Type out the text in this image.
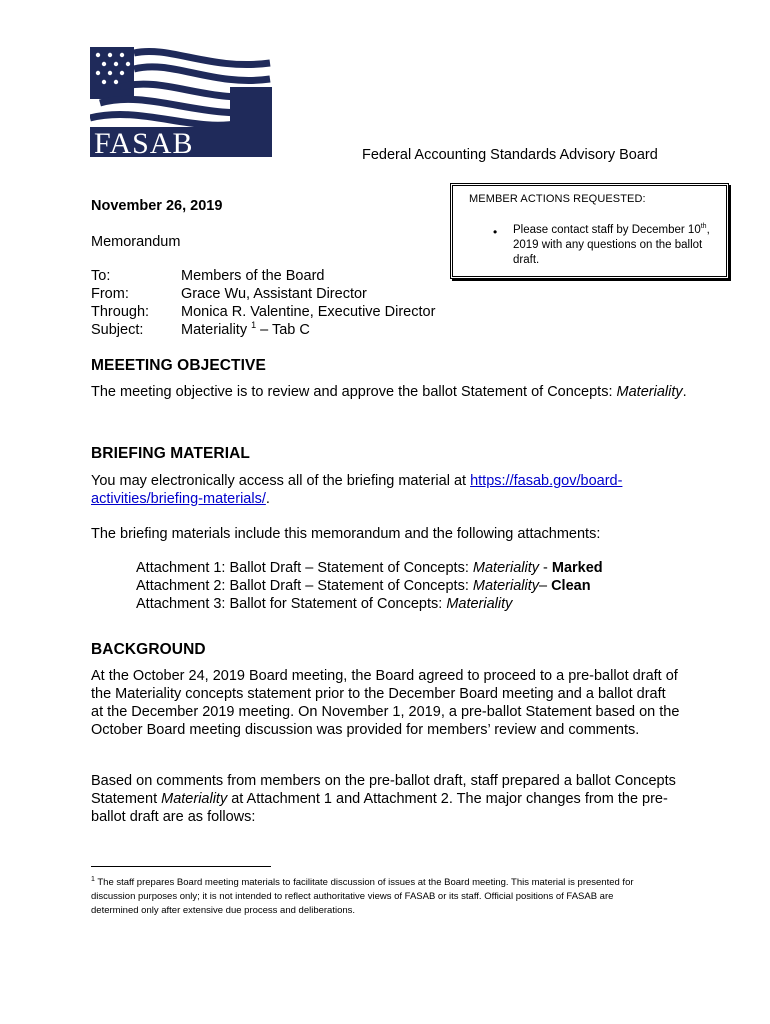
FASAB	Federal Accounting Standards Advisory Board
MEMBER ACTIONS REQUESTED:
• Please contact staff by December 10th, 2019 with any questions on the ballot draft.
November 26, 2019
Memorandum
To:	Members of the Board
From:	Grace Wu, Assistant Director
Through: Monica R. Valentine, Executive Director
Subject:	Materiality $^1$ – Tab C
MEEETING OBJECTIVE
The meeting objective is to review and approve the ballot Statement of Concepts: Materiality.
BRIEFING MATERIAL
You may electronically access all of the briefing material at https://fasab.gov/board-activities/briefing-materials/.
The briefing materials include this memorandum and the following attachments:
Attachment 1: Ballot Draft – Statement of Concepts: Materiality - Marked
Attachment 2: Ballot Draft – Statement of Concepts: Materiality– Clean
Attachment 3: Ballot for Statement of Concepts: Materiality
BACKGROUND
At the October 24, 2019 Board meeting, the Board agreed to proceed to a pre-ballot draft of the Materiality concepts statement prior to the December Board meeting and a ballot draft at the December 2019 meeting. On November 1, 2019, a pre-ballot Statement based on the October Board meeting discussion was provided for members’ review and comments.
Based on comments from members on the pre-ballot draft, staff prepared a ballot Concepts Statement Materiality at Attachment 1 and Attachment 2. The major changes from the pre-ballot draft are as follows:
$^1$ The staff prepares Board meeting materials to facilitate discussion of issues at the Board meeting. This material is presented for discussion purposes only; it is not intended to reflect authoritative views of FASAB or its staff. Official positions of FASAB are determined only after extensive due process and deliberations.
